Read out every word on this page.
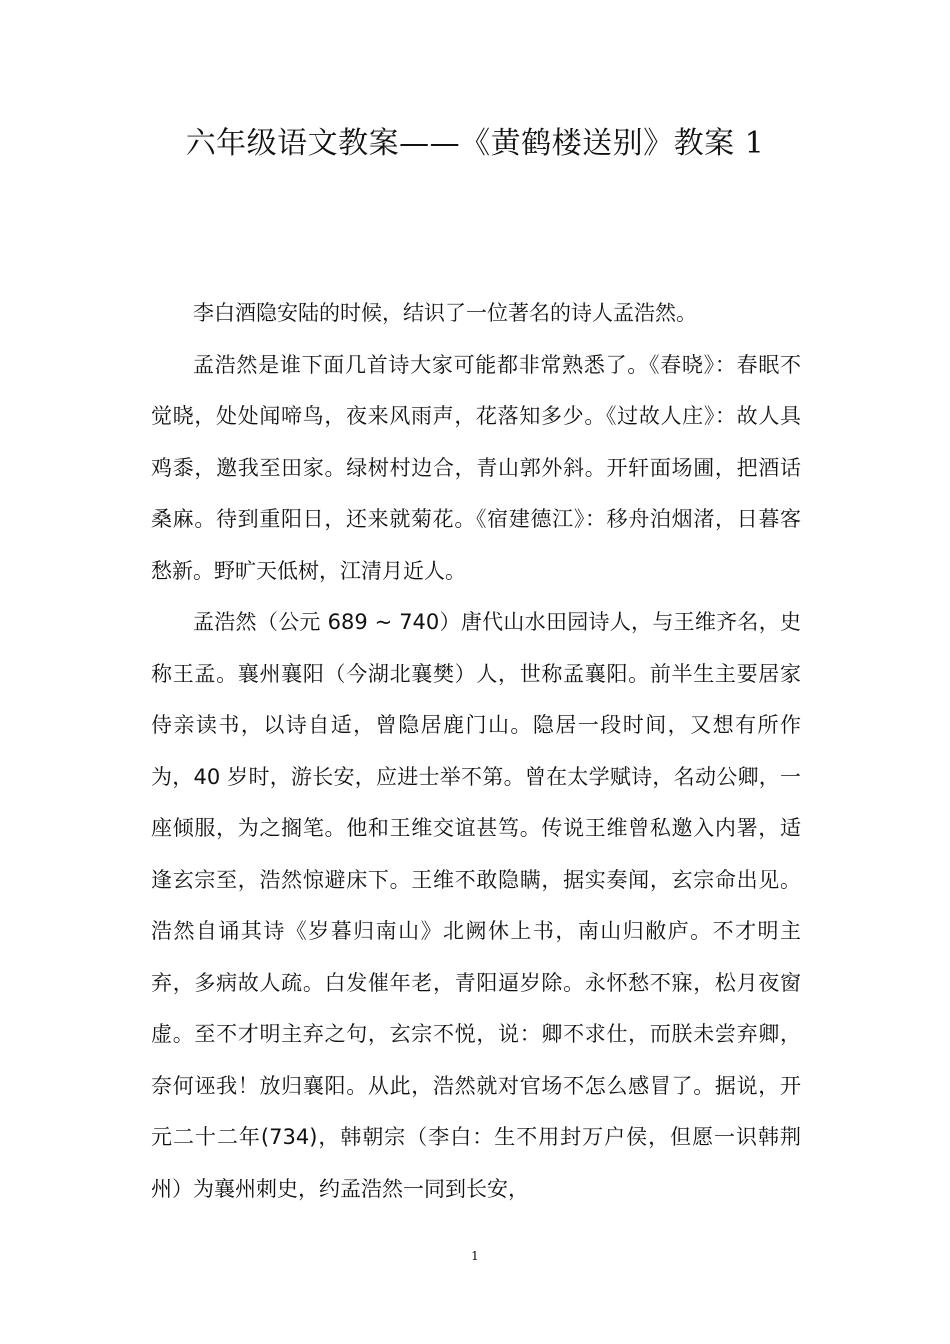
六年级语文教案——《黄鹤楼送别》教案 1

李白酒隐安陆的时候，结识了一位著名的诗人孟浩然。

孟浩然是谁下面几首诗大家可能都非常熟悉了。《春晓》：春眠不觉晓，处处闻啼鸟，夜来风雨声，花落知多少。《过故人庄》：故人具鸡黍，邀我至田家。绿树村边合，青山郭外斜。开轩面场圃，把酒话桑麻。待到重阳日，还来就菊花。《宿建德江》：移舟泊烟渚，日暮客愁新。野旷天低树，江清月近人。

孟浩然（公元 689 ~ 740）唐代山水田园诗人，与王维齐名，史称王孟。襄州襄阳（今湖北襄樊）人，世称孟襄阳。前半生主要居家侍亲读书，以诗自适，曾隐居鹿门山。隐居一段时间，又想有所作为，40 岁时，游长安，应进士举不第。曾在太学赋诗，名动公卿，一座倾服，为之搁笔。他和王维交谊甚笃。传说王维曾私邀入内署，适逢玄宗至，浩然惊避床下。王维不敢隐瞒，据实奏闻，玄宗命出见。浩然自诵其诗《岁暮归南山》北阙休上书，南山归敝庐。不才明主弃，多病故人疏。白发催年老，青阳逼岁除。永怀愁不寐，松月夜窗虚。至不才明主弃之句，玄宗不悦，说：卿不求仕，而朕未尝弃卿，奈何诬我！放归襄阳。从此，浩然就对官场不怎么感冒了。据说，开元二十二年(734)，韩朝宗（李白：生不用封万户侯，但愿一识韩荆州）为襄州刺史，约孟浩然一同到长安，

1
